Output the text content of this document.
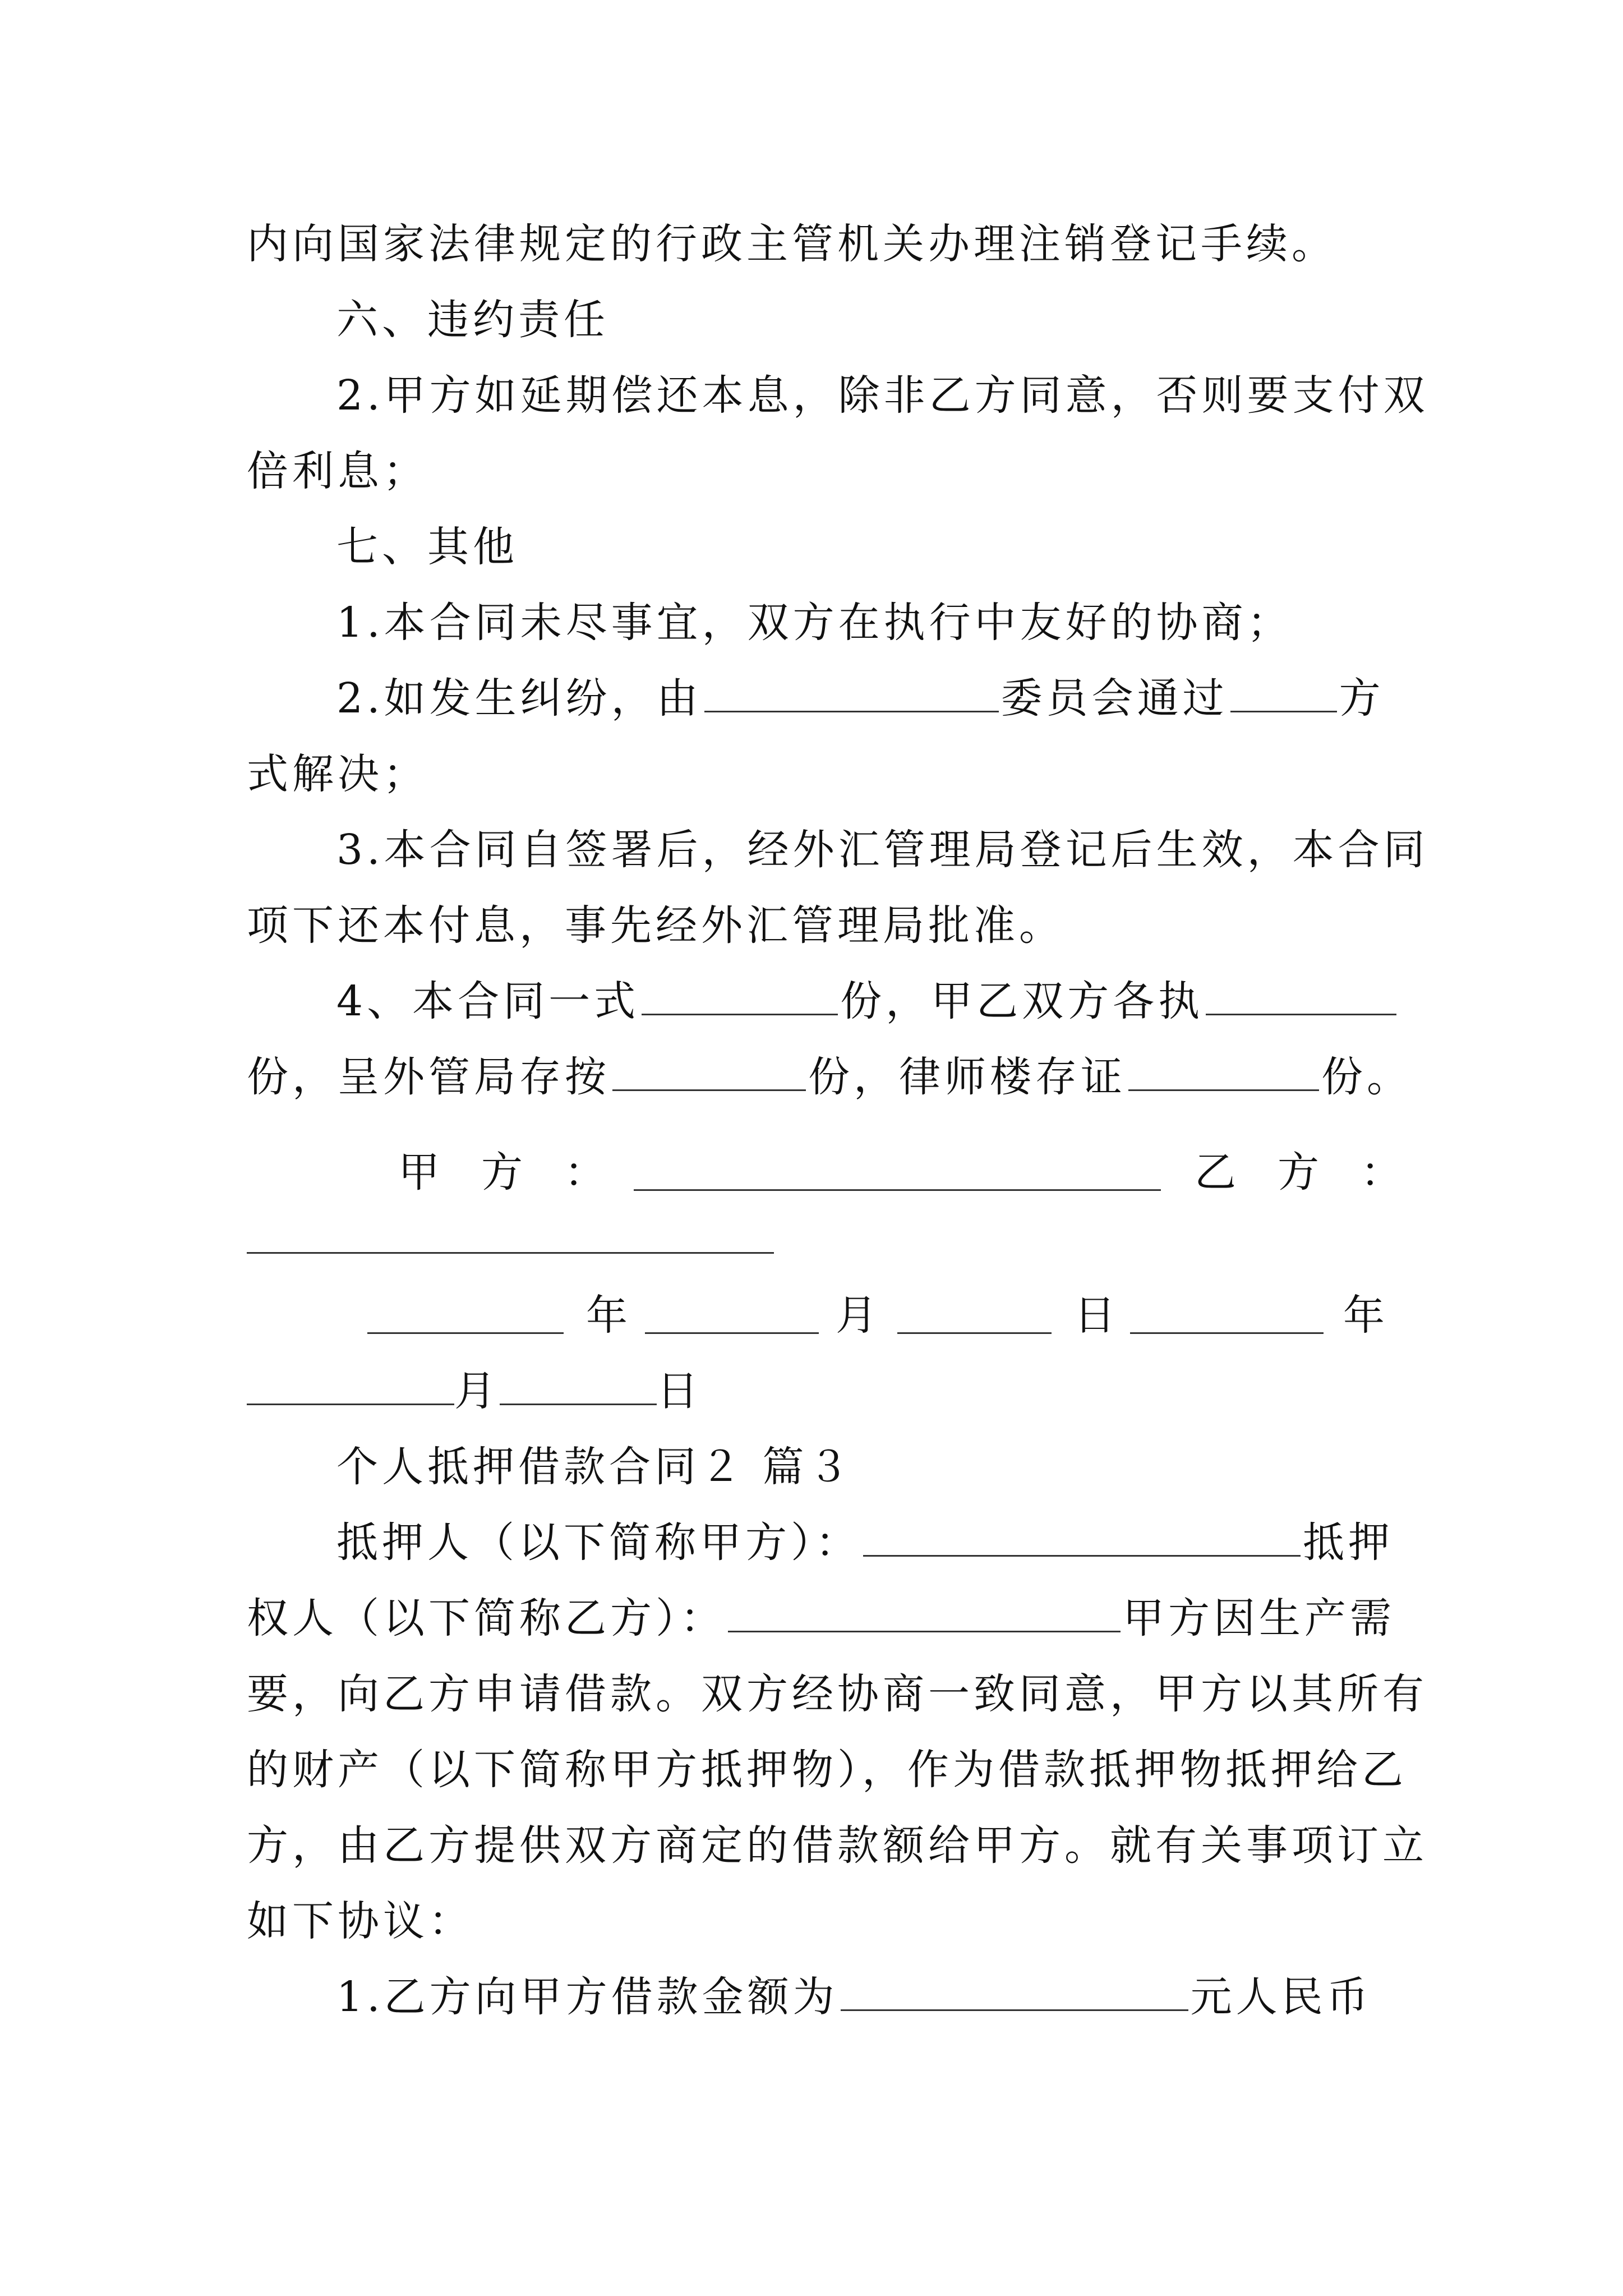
内向国家法律规定的行政主管机关办理注销登记手续。
六、违约责任
2.甲方如延期偿还本息，除非乙方同意，否则要支付双
倍利息；
七、其他
1.本合同未尽事宜，双方在执行中友好的协商；
2.如发生纠纷，由	委员会通过	方
式解决；
3.本合同自签署后，经外汇管理局登记后生效，本合同
项下还本付息，事先经外汇管理局批准。
4、本合同一式	份，甲乙双方各执
份，呈外管局存按	份，律师楼存证	份。
甲　方　：	乙　方　：
年	月	日	年
月	日
个人抵押借款合同２ 篇３
抵押人（以下简称甲方）：	抵押
权人（以下简称乙方）：	甲方因生产需
要，向乙方申请借款。双方经协商一致同意，甲方以其所有
的财产（以下简称甲方抵押物），作为借款抵押物抵押给乙
方，由乙方提供双方商定的借款额给甲方。就有关事项订立
如下协议：
1.乙方向甲方借款金额为	元人民币
